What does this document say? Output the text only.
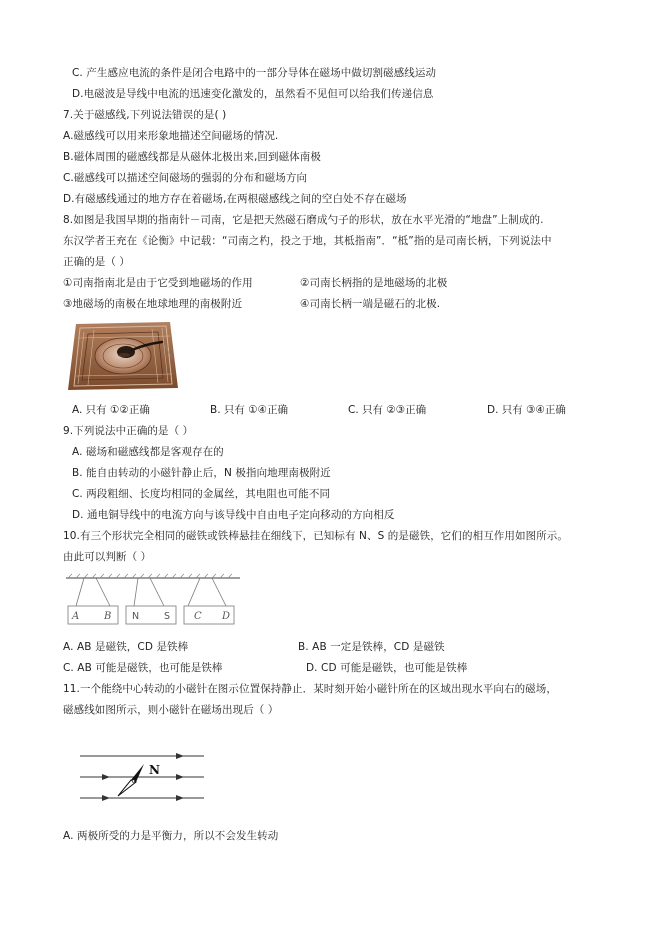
C. 产生感应电流的条件是闭合电路中的一部分导体在磁场中做切割磁感线运动
D.电磁波是导线中电流的迅速变化激发的，虽然看不见但可以给我们传递信息
7.关于磁感线,下列说法错误的是( )
A.磁感线可以用来形象地描述空间磁场的情况.
B.磁体周围的磁感线都是从磁体北极出来,回到磁体南极
C.磁感线可以描述空间磁场的强弱的分布和磁场方向
D.有磁感线通过的地方存在着磁场,在两根磁感线之间的空白处不存在磁场
8.如图是我国早期的指南针－司南，它是把天然磁石磨成勺子的形状，放在水平光滑的“地盘”上制成的.
东汉学者王充在《论衡》中记载：“司南之杓，投之于地，其柢指南”．“柢”指的是司南长柄，下列说法中
正确的是（ ）
①司南指南北是由于它受到地磁场的作用	②司南长柄指的是地磁场的北极
③地磁场的南极在地球地理的南极附近	④司南长柄一端是磁石的北极.
•
A. 只有 ①②正确	B. 只有 ①④正确	C. 只有 ②③正确	D. 只有 ③④正确
9.下列说法中正确的是（ ）
A. 磁场和磁感线都是客观存在的
B. 能自由转动的小磁针静止后，N 极指向地理南极附近
C. 两段粗细、长度均相同的金属丝，其电阻也可能不同
D. 通电铜导线中的电流方向与该导线中自由电子定向移动的方向相反
10.有三个形状完全相同的磁铁或铁棒悬挂在细线下，已知标有 N、S 的是磁铁，它们的相互作用如图所示。
由此可以判断（ ）
A B	C D
N	S
A. AB 是磁铁，CD 是铁棒	B. AB 一定是铁棒，CD 是磁铁
C. AB 可能是磁铁，也可能是铁棒	D. CD 可能是磁铁，也可能是铁棒
11.一个能绕中心转动的小磁针在图示位置保持静止．某时刻开始小磁针所在的区域出现水平向右的磁场，
磁感线如图所示，则小磁针在磁场出现后（ ）
N
A. 两极所受的力是平衡力，所以不会发生转动
